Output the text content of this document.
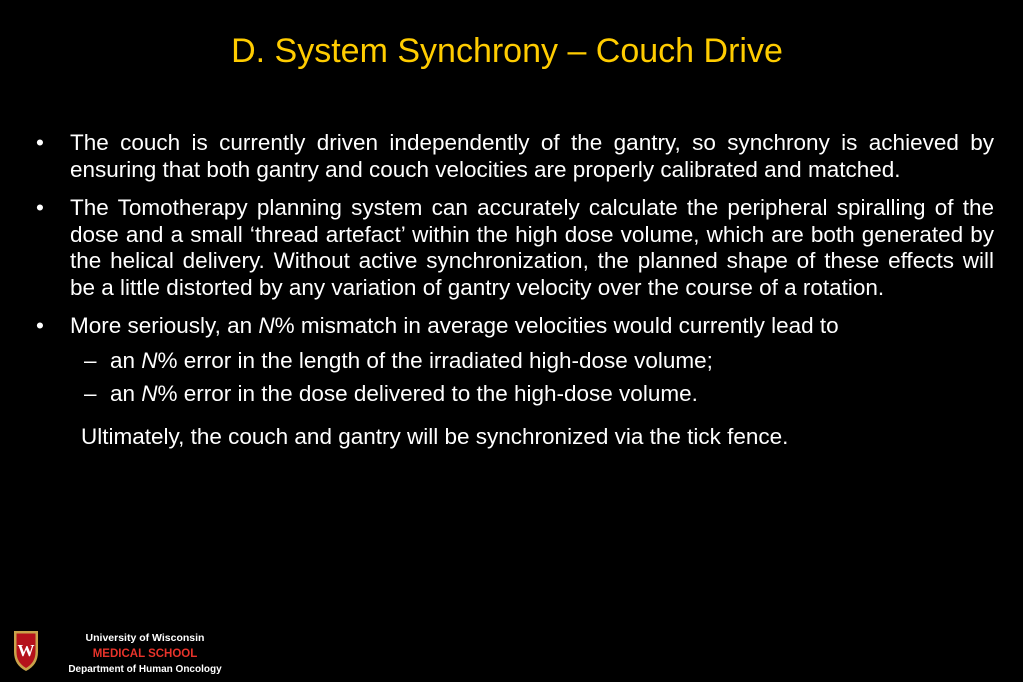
D. System Synchrony – Couch Drive
• The couch is currently driven independently of the gantry, so synchrony is achieved by ensuring that both gantry and couch velocities are properly calibrated and matched.
• The Tomotherapy planning system can accurately calculate the peripheral spiralling of the dose and a small ‘thread artefact’ within the high dose volume, which are both generated by the helical delivery. Without active synchronization, the planned shape of these effects will be a little distorted by any variation of gantry velocity over the course of a rotation.
• More seriously, an N% mismatch in average velocities would currently lead to
– an N% error in the length of the irradiated high-dose volume;
– an N% error in the dose delivered to the high-dose volume.
Ultimately, the couch and gantry will be synchronized via the tick fence.
W
University of Wisconsin
MEDICAL SCHOOL
Department of Human Oncology
